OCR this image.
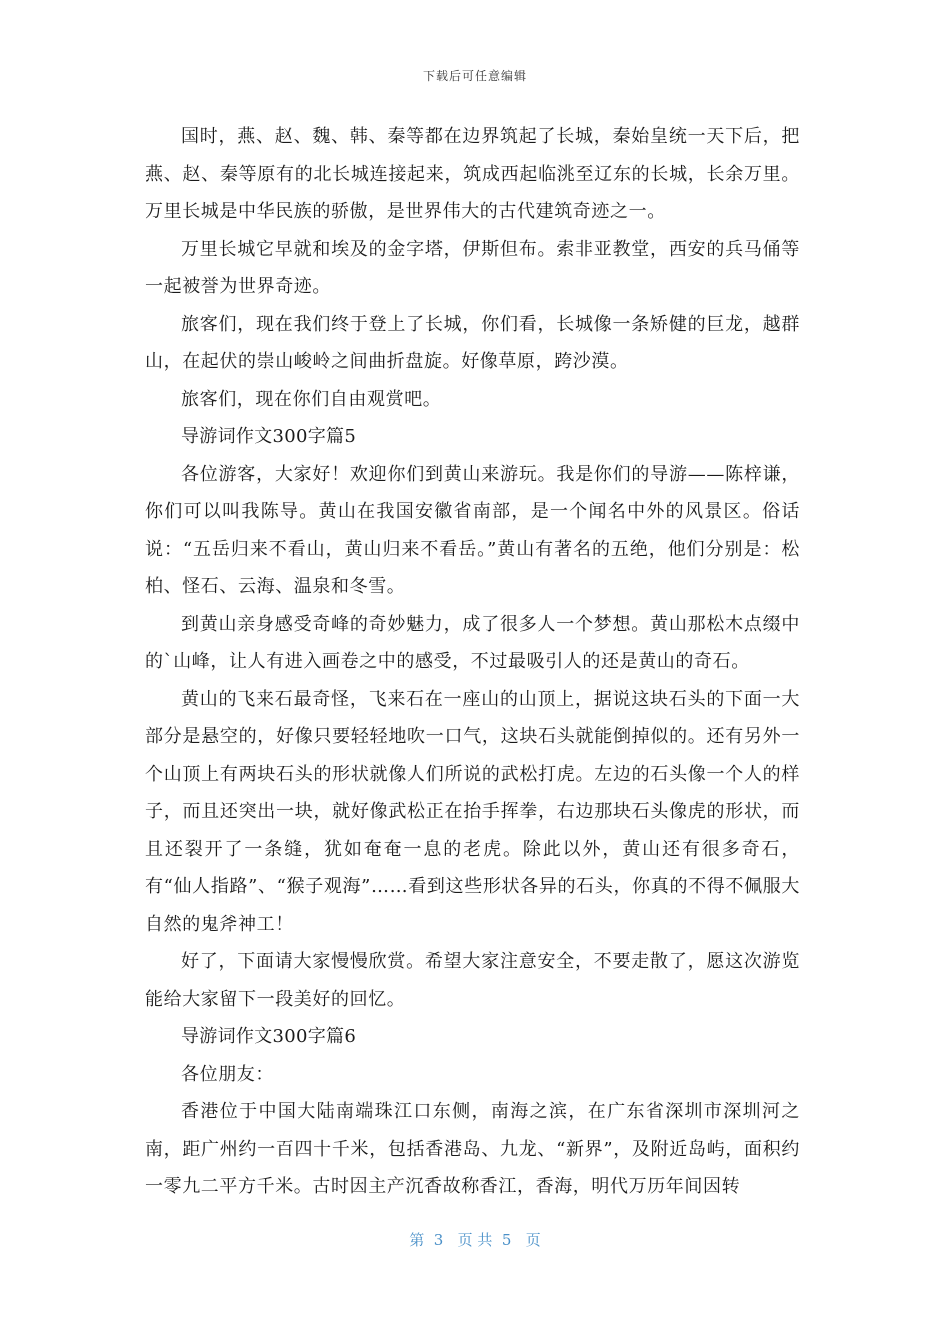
下载后可任意编辑

国时，燕、赵、魏、韩、秦等都在边界筑起了长城，秦始皇统一天下后，把燕、赵、秦等原有的北长城连接起来，筑成西起临洮至辽东的长城，长余万里。万里长城是中华民族的骄傲，是世界伟大的古代建筑奇迹之一。

万里长城它早就和埃及的金字塔，伊斯但布。索非亚教堂，西安的兵马俑等一起被誉为世界奇迹。

旅客们，现在我们终于登上了长城，你们看，长城像一条矫健的巨龙，越群山，在起伏的崇山峻岭之间曲折盘旋。好像草原，跨沙漠。

旅客们，现在你们自由观赏吧。

导游词作文300字篇5

各位游客，大家好！欢迎你们到黄山来游玩。我是你们的导游——陈梓谦，你们可以叫我陈导。黄山在我国安徽省南部，是一个闻名中外的风景区。俗话说：“五岳归来不看山，黄山归来不看岳。”黄山有著名的五绝，他们分别是：松柏、怪石、云海、温泉和冬雪。

到黄山亲身感受奇峰的奇妙魅力，成了很多人一个梦想。黄山那松木点缀中的`山峰，让人有进入画卷之中的感受，不过最吸引人的还是黄山的奇石。

黄山的飞来石最奇怪，飞来石在一座山的山顶上，据说这块石头的下面一大部分是悬空的，好像只要轻轻地吹一口气，这块石头就能倒掉似的。还有另外一个山顶上有两块石头的形状就像人们所说的武松打虎。左边的石头像一个人的样子，而且还突出一块，就好像武松正在抬手挥拳，右边那块石头像虎的形状，而且还裂开了一条缝，犹如奄奄一息的老虎。除此以外，黄山还有很多奇石，有“仙人指路”、“猴子观海”……看到这些形状各异的石头，你真的不得不佩服大自然的鬼斧神工！

好了，下面请大家慢慢欣赏。希望大家注意安全，不要走散了，愿这次游览能给大家留下一段美好的回忆。

导游词作文300字篇6

各位朋友：

香港位于中国大陆南端珠江口东侧，南海之滨，在广东省深圳市深圳河之南，距广州约一百四十千米，包括香港岛、九龙、“新界”，及附近岛屿，面积约一零九二平方千米。古时因主产沉香故称香江，香海，明代万历年间因转

第  3   页 共  5   页
